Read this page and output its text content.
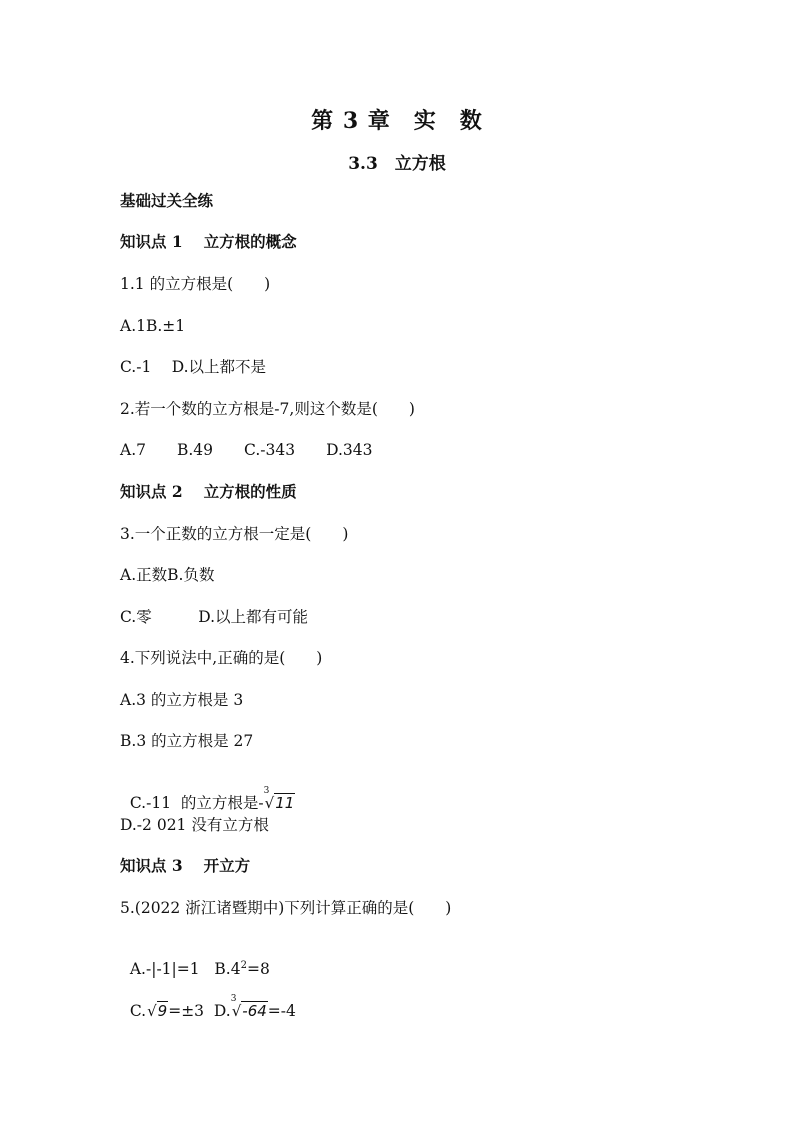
第 3 章　实　数
3.3　立方根
基础过关全练
知识点 1　 立方根的概念
1.1 的立方根是(　　)
A.1B.±1
C.-1　 D.以上都不是
2.若一个数的立方根是-7,则这个数是(　　)
A.7　　B.49　　C.-343　　D.343
知识点 2　 立方根的性质
3.一个正数的立方根一定是(　　)
A.正数B.负数
C.零　　　D.以上都有可能
4.下列说法中,正确的是(　　)
A.3 的立方根是 3
B.3 的立方根是 27

C.-11  的立方根是-
3
√11

D.-2 021 没有立方根
知识点 3　 开立方
5.(2022 浙江诸暨期中)下列计算正确的是(　　)

A.-|-1|=1 $B.4^2=8$

C.√9=±3 D.
3
√-64=-4
